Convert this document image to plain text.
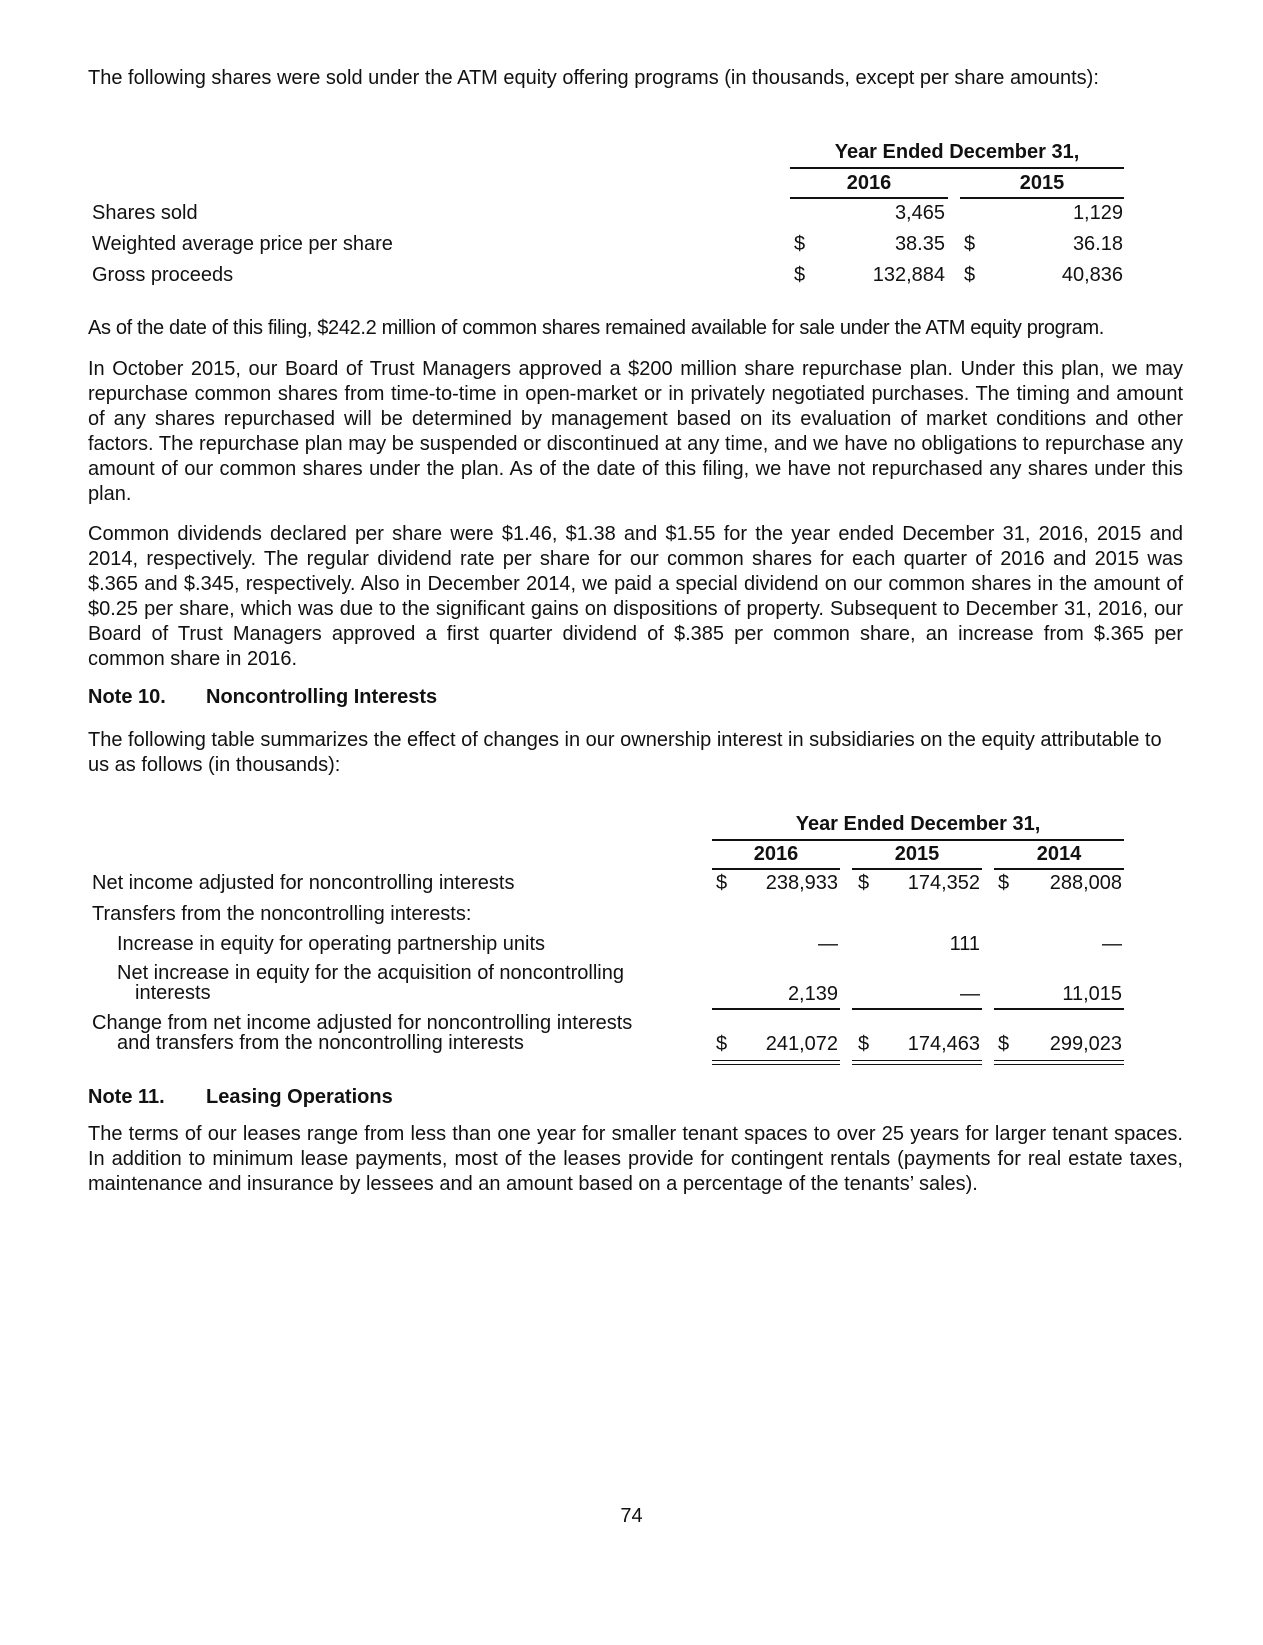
The following shares were sold under the ATM equity offering programs (in thousands, except per share amounts):

Year Ended December 31,
2016	2015
Shares sold	3,465	1,129
Weighted average price per share	$	38.35 $	36.18
Gross proceeds	$	132,884 $	40,836

As of the date of this filing, $242.2 million of common shares remained available for sale under the ATM equity program.

In October 2015, our Board of Trust Managers approved a $200 million share repurchase plan. Under this plan, we may repurchase common shares from time-to-time in open-market or in privately negotiated purchases. The timing and amount of any shares repurchased will be determined by management based on its evaluation of market conditions and other factors. The repurchase plan may be suspended or discontinued at any time, and we have no obligations to repurchase any amount of our common shares under the plan. As of the date of this filing, we have not repurchased any shares under this plan.

Common dividends declared per share were $1.46, $1.38 and $1.55 for the year ended December 31, 2016, 2015 and 2014, respectively. The regular dividend rate per share for our common shares for each quarter of 2016 and 2015 was $.365 and $.345, respectively. Also in December 2014, we paid a special dividend on our common shares in the amount of $0.25 per share, which was due to the significant gains on dispositions of property. Subsequent to December 31, 2016, our Board of Trust Managers approved a first quarter dividend of $.385 per common share, an increase from $.365 per common share in 2016.

Note 10. Noncontrolling Interests

The following table summarizes the effect of changes in our ownership interest in subsidiaries on the equity attributable to us as follows (in thousands):

Year Ended December 31,
2016	2015	2014
Net income adjusted for noncontrolling interests	$	238,933 $	174,352 $	288,008
Transfers from the noncontrolling interests:
Increase in equity for operating partnership units	—	111	—
Net increase in equity for the acquisition of noncontrolling
interests	2,139	—	11,015
Change from net income adjusted for noncontrolling interests
and transfers from the noncontrolling interests	$	241,072 $	174,463 $	299,023
Note 11. Leasing Operations

The terms of our leases range from less than one year for smaller tenant spaces to over 25 years for larger tenant spaces. In addition to minimum lease payments, most of the leases provide for contingent rentals (payments for real estate taxes, maintenance and insurance by lessees and an amount based on a percentage of the tenants’ sales).

74
